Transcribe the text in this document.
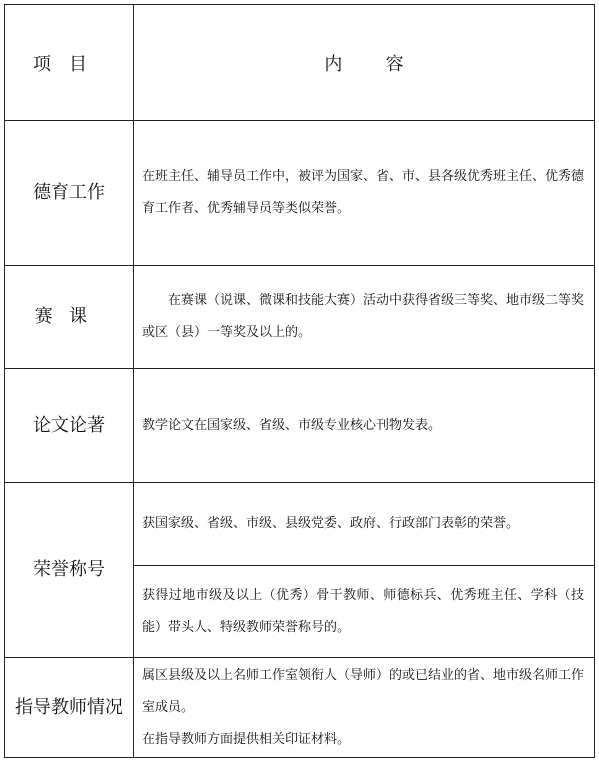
项目	内容
德育工作	在班主任、辅导员工作中，被评为国家、省、市、县各级优秀班主任、优秀德育工作者、优秀辅导员等类似荣誉。

赛课	在赛课（说课、微课和技能大赛）活动中获得省级三等奖、地市级二等奖或区（县）一等奖及以上的。

论文论著	教学论文在国家级、省级、市级专业核心刊物发表。

荣誉称号	获国家级、省级、市级、县级党委、政府、行政部门表彰的荣誉。

	获得过地市级及以上（优秀）骨干教师、师德标兵、优秀班主任、学科（技能）带头人、特级教师荣誉称号的。

指导教师情况	属区县级及以上名师工作室领衔人（导师）的或已结业的省、地市级名师工作室成员。

在指导教师方面提供相关印证材料。
